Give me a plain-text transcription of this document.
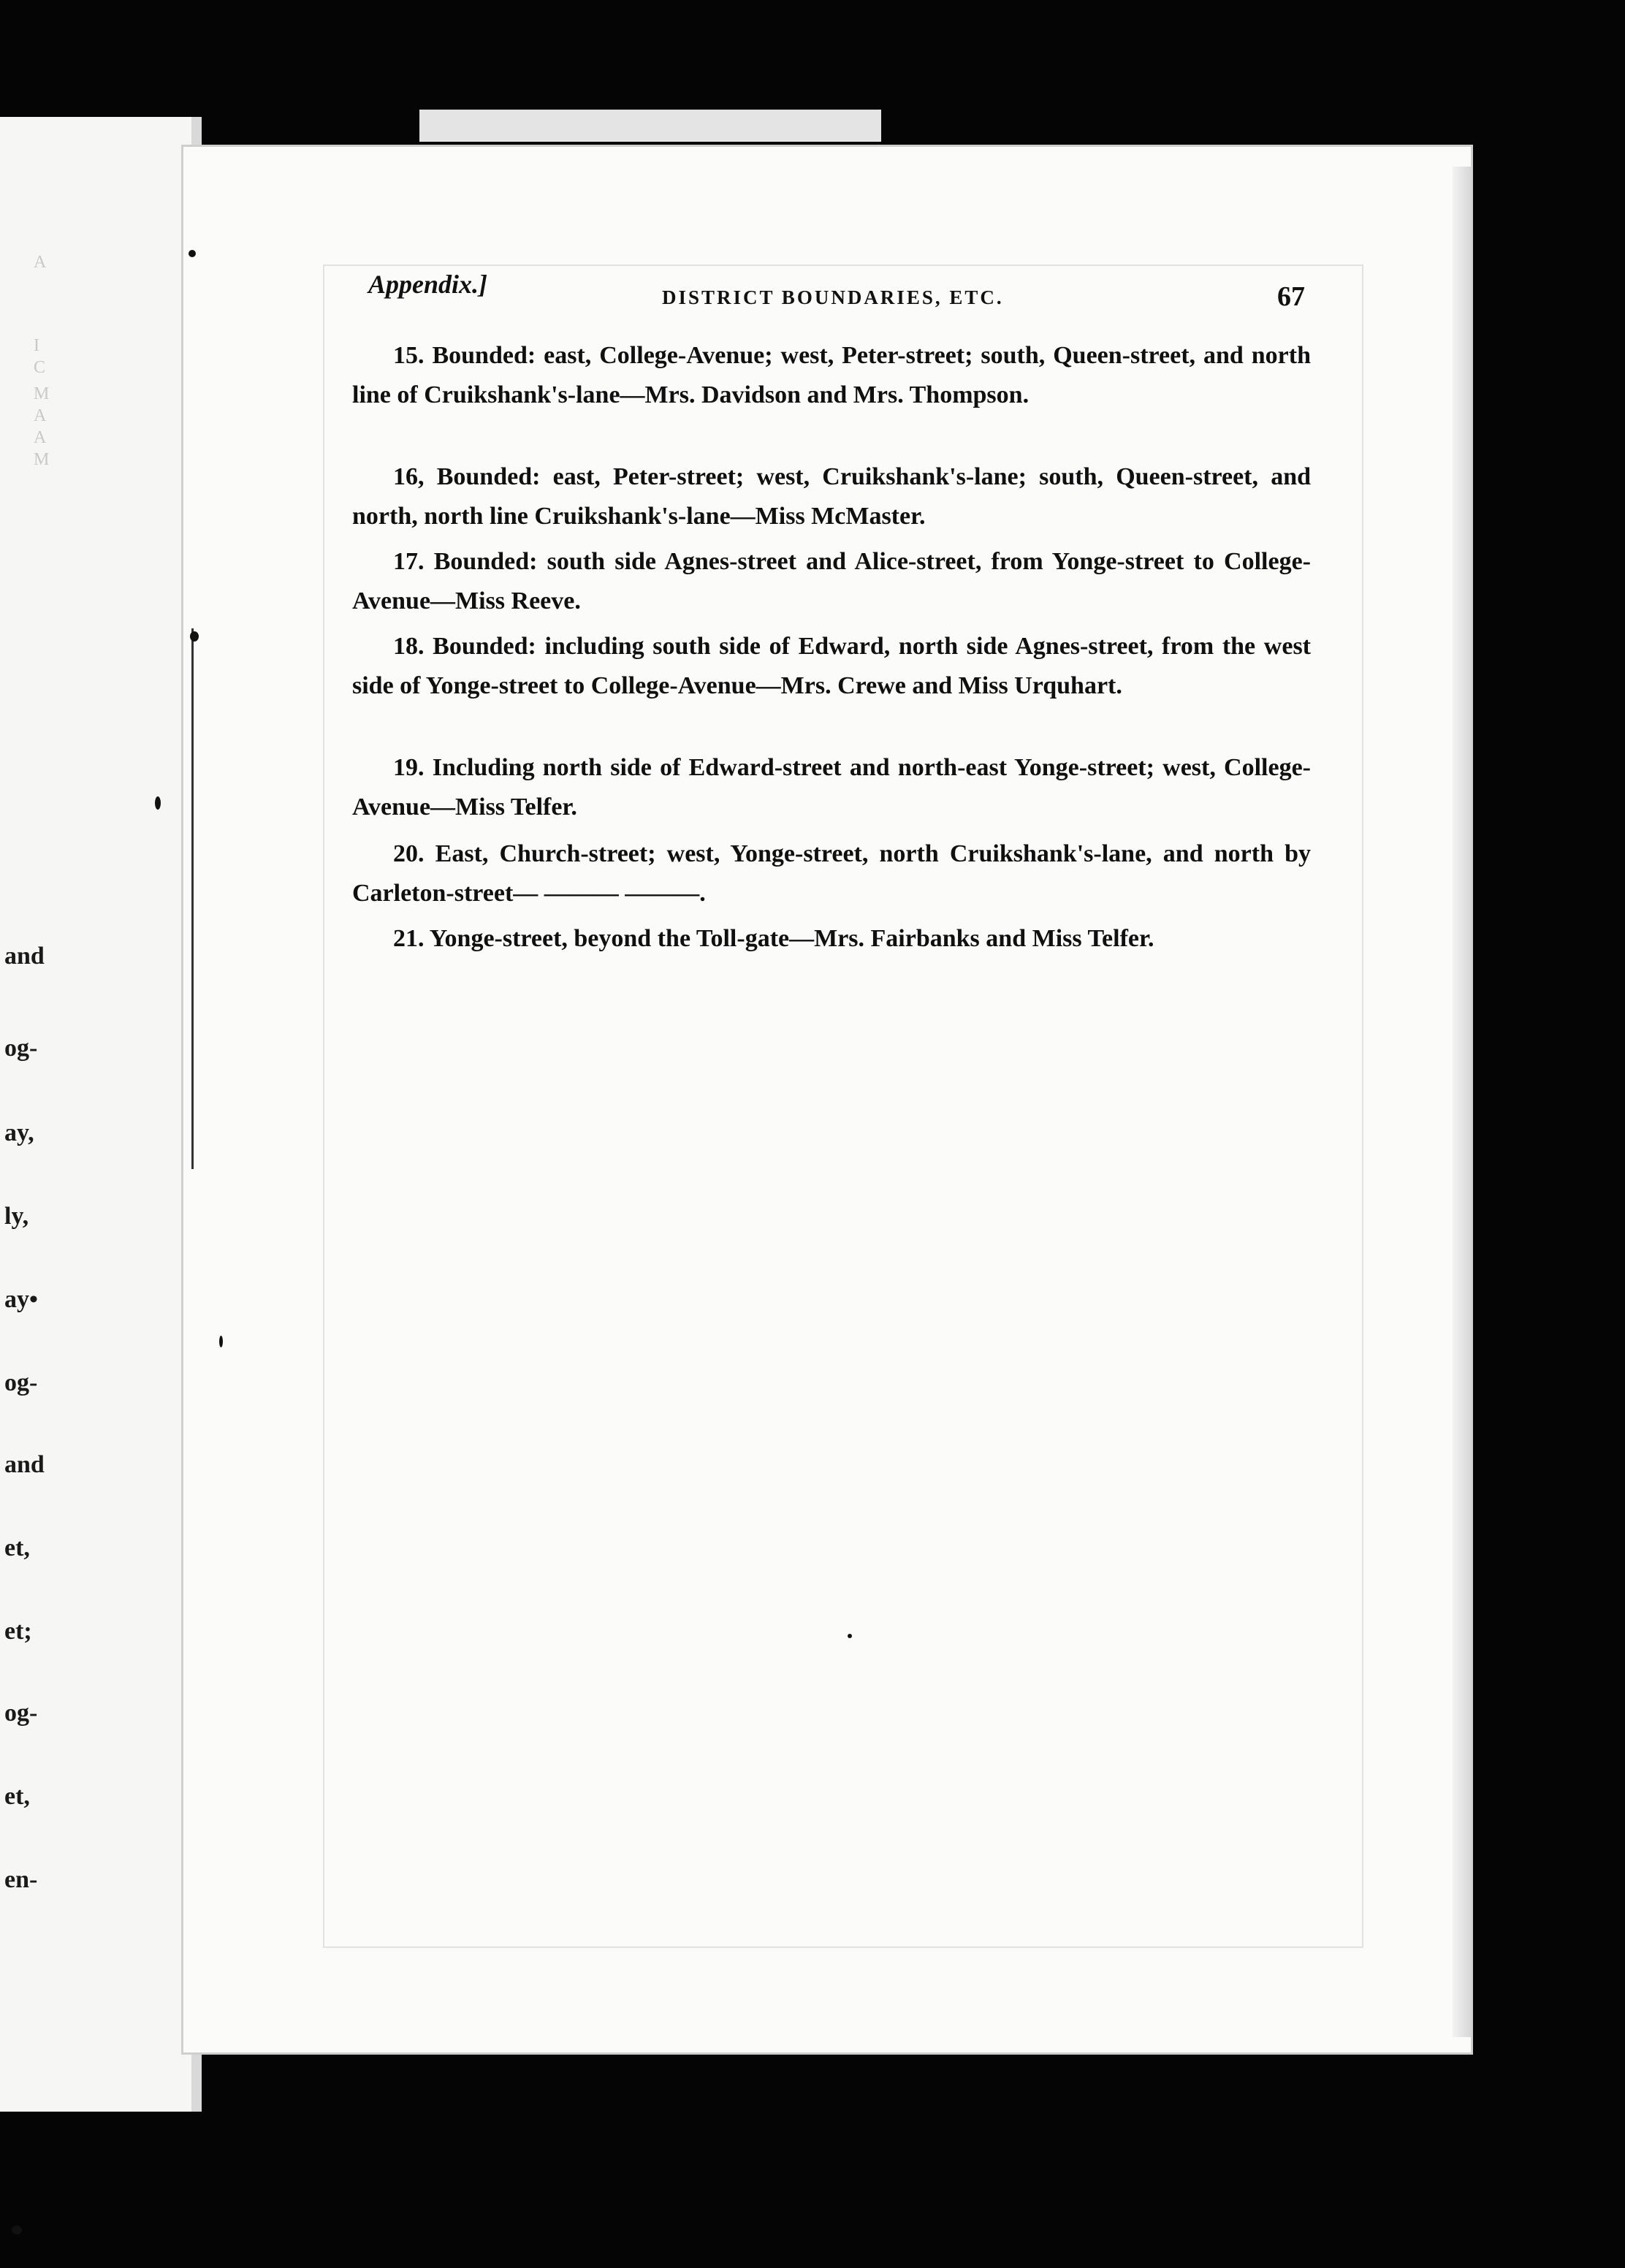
A
I
C
M
A
A
M
and
og-
ay,
ly,
ay•
og-
and
et,
et;
og-
et,
en-
Appendix.]	DISTRICT BOUNDARIES, ETC.	67
15. Bounded: east, College-Avenue; west, Peter-street; south, Queen-street, and north line of Cruikshank's-lane—Mrs. Davidson and Mrs. Thompson.
16, Bounded: east, Peter-street; west, Cruikshank's-lane; south, Queen-street, and north, north line Cruikshank's-lane—Miss McMaster.
17. Bounded: south side Agnes-street and Alice-street, from Yonge-street to College-Avenue—Miss Reeve.
18. Bounded: including south side of Edward, north side Agnes-street, from the west side of Yonge-street to College-Avenue—Mrs. Crewe and Miss Urquhart.
19. Including north side of Edward-street and north-east Yonge-street; west, College-Avenue—Miss Telfer.
20. East, Church-street; west, Yonge-street, north Cruikshank's-lane, and north by Carleton-street— ——— ———.
21. Yonge-street, beyond the Toll-gate—Mrs. Fairbanks and Miss Telfer.
